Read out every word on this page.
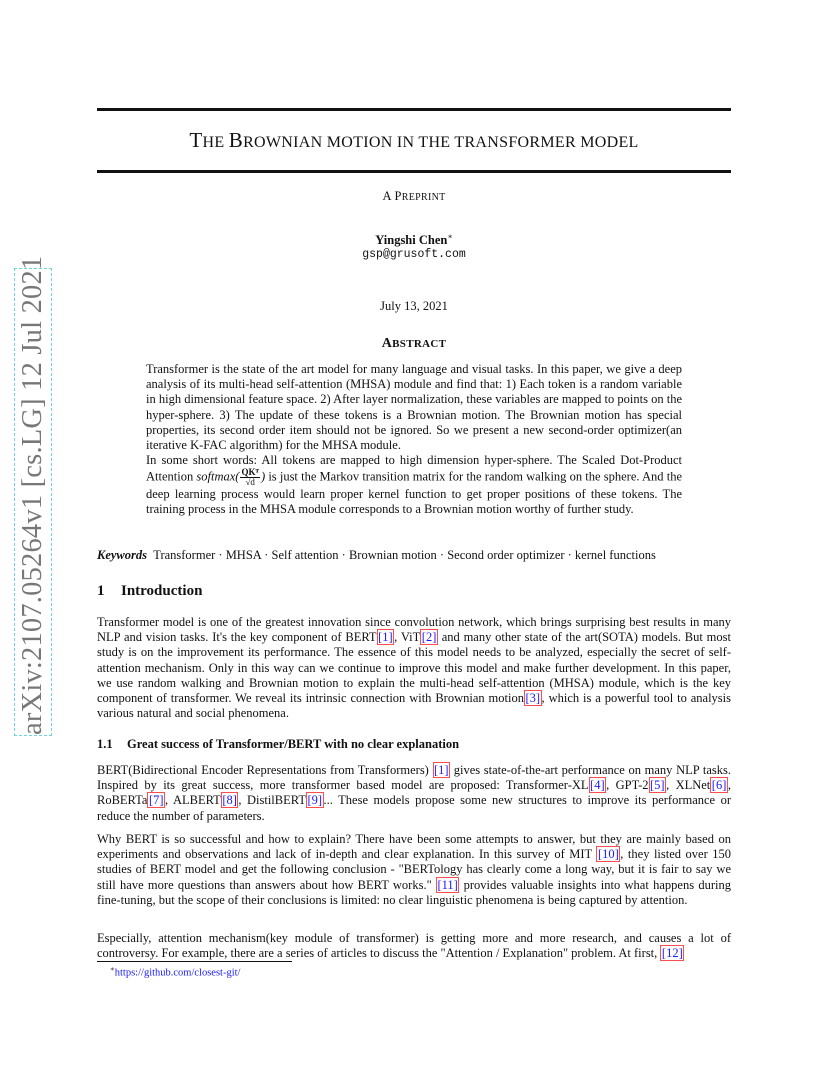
arXiv:2107.05264v1 [cs.LG] 12 Jul 2021
THE BROWNIAN MOTION IN THE TRANSFORMER MODEL
A PREPRINT
Yingshi Chen∗
gsp@grusoft.com
July 13, 2021
ABSTRACT
Transformer is the state of the art model for many language and visual tasks. In this paper, we give a deep analysis of its multi-head self-attention (MHSA) module and find that: 1) Each token is a random variable in high dimensional feature space. 2) After layer normalization, these variables are mapped to points on the hyper-sphere. 3) The update of these tokens is a Brownian motion. The Brownian motion has special properties, its second order item should not be ignored. So we present a new second-order optimizer(an iterative K-FAC algorithm) for the MHSA module.
In some short words: All tokens are mapped to high dimension hyper-sphere. The Scaled Dot-Product Attention softmax( $\frac{\text{QKᵀ}}{√d}$ ) is just the Markov transition matrix for the random walking on the sphere. And the deep learning process would learn proper kernel function to get proper positions of these tokens. The training process in the MHSA module corresponds to a Brownian motion worthy of further study.
Keywords Transformer · MHSA · Self attention · Brownian motion · Second order optimizer · kernel functions
1 Introduction
Transformer model is one of the greatest innovation since convolution network, which brings surprising best results in many NLP and vision tasks. It's the key component of BERT [1] , ViT [2] and many other state of the art(SOTA) models. But most study is on the improvement its performance. The essence of this model needs to be analyzed, especially the secret of self-attention mechanism. Only in this way can we continue to improve this model and make further development. In this paper, we use random walking and Brownian motion to explain the multi-head self-attention (MHSA) module, which is the key component of transformer. We reveal its intrinsic connection with Brownian motion [3] , which is a powerful tool to analysis various natural and social phenomena.
1.1 Great success of Transformer/BERT with no clear explanation
BERT(Bidirectional Encoder Representations from Transformers) [1] gives state-of-the-art performance on many NLP tasks. Inspired by its great success, more transformer based model are proposed: Transformer-XL [4] , GPT-2 [5] , XLNet [6] , RoBERTa [7] , ALBERT [8] , DistilBERT [9] ... These models propose some new structures to improve its performance or reduce the number of parameters.
Why BERT is so successful and how to explain? There have been some attempts to answer, but they are mainly based on experiments and observations and lack of in-depth and clear explanation. In this survey of MIT [10] , they listed over 150 studies of BERT model and get the following conclusion - "BERTology has clearly come a long way, but it is fair to say we still have more questions than answers about how BERT works." [11] provides valuable insights into what happens during fine-tuning, but the scope of their conclusions is limited: no clear linguistic phenomena is being captured by attention.
Especially, attention mechanism(key module of transformer) is getting more and more research, and causes a lot of controversy. For example, there are a series of articles to discuss the "Attention / Explanation" problem. At first, [12]
∗https://github.com/closest-git/
